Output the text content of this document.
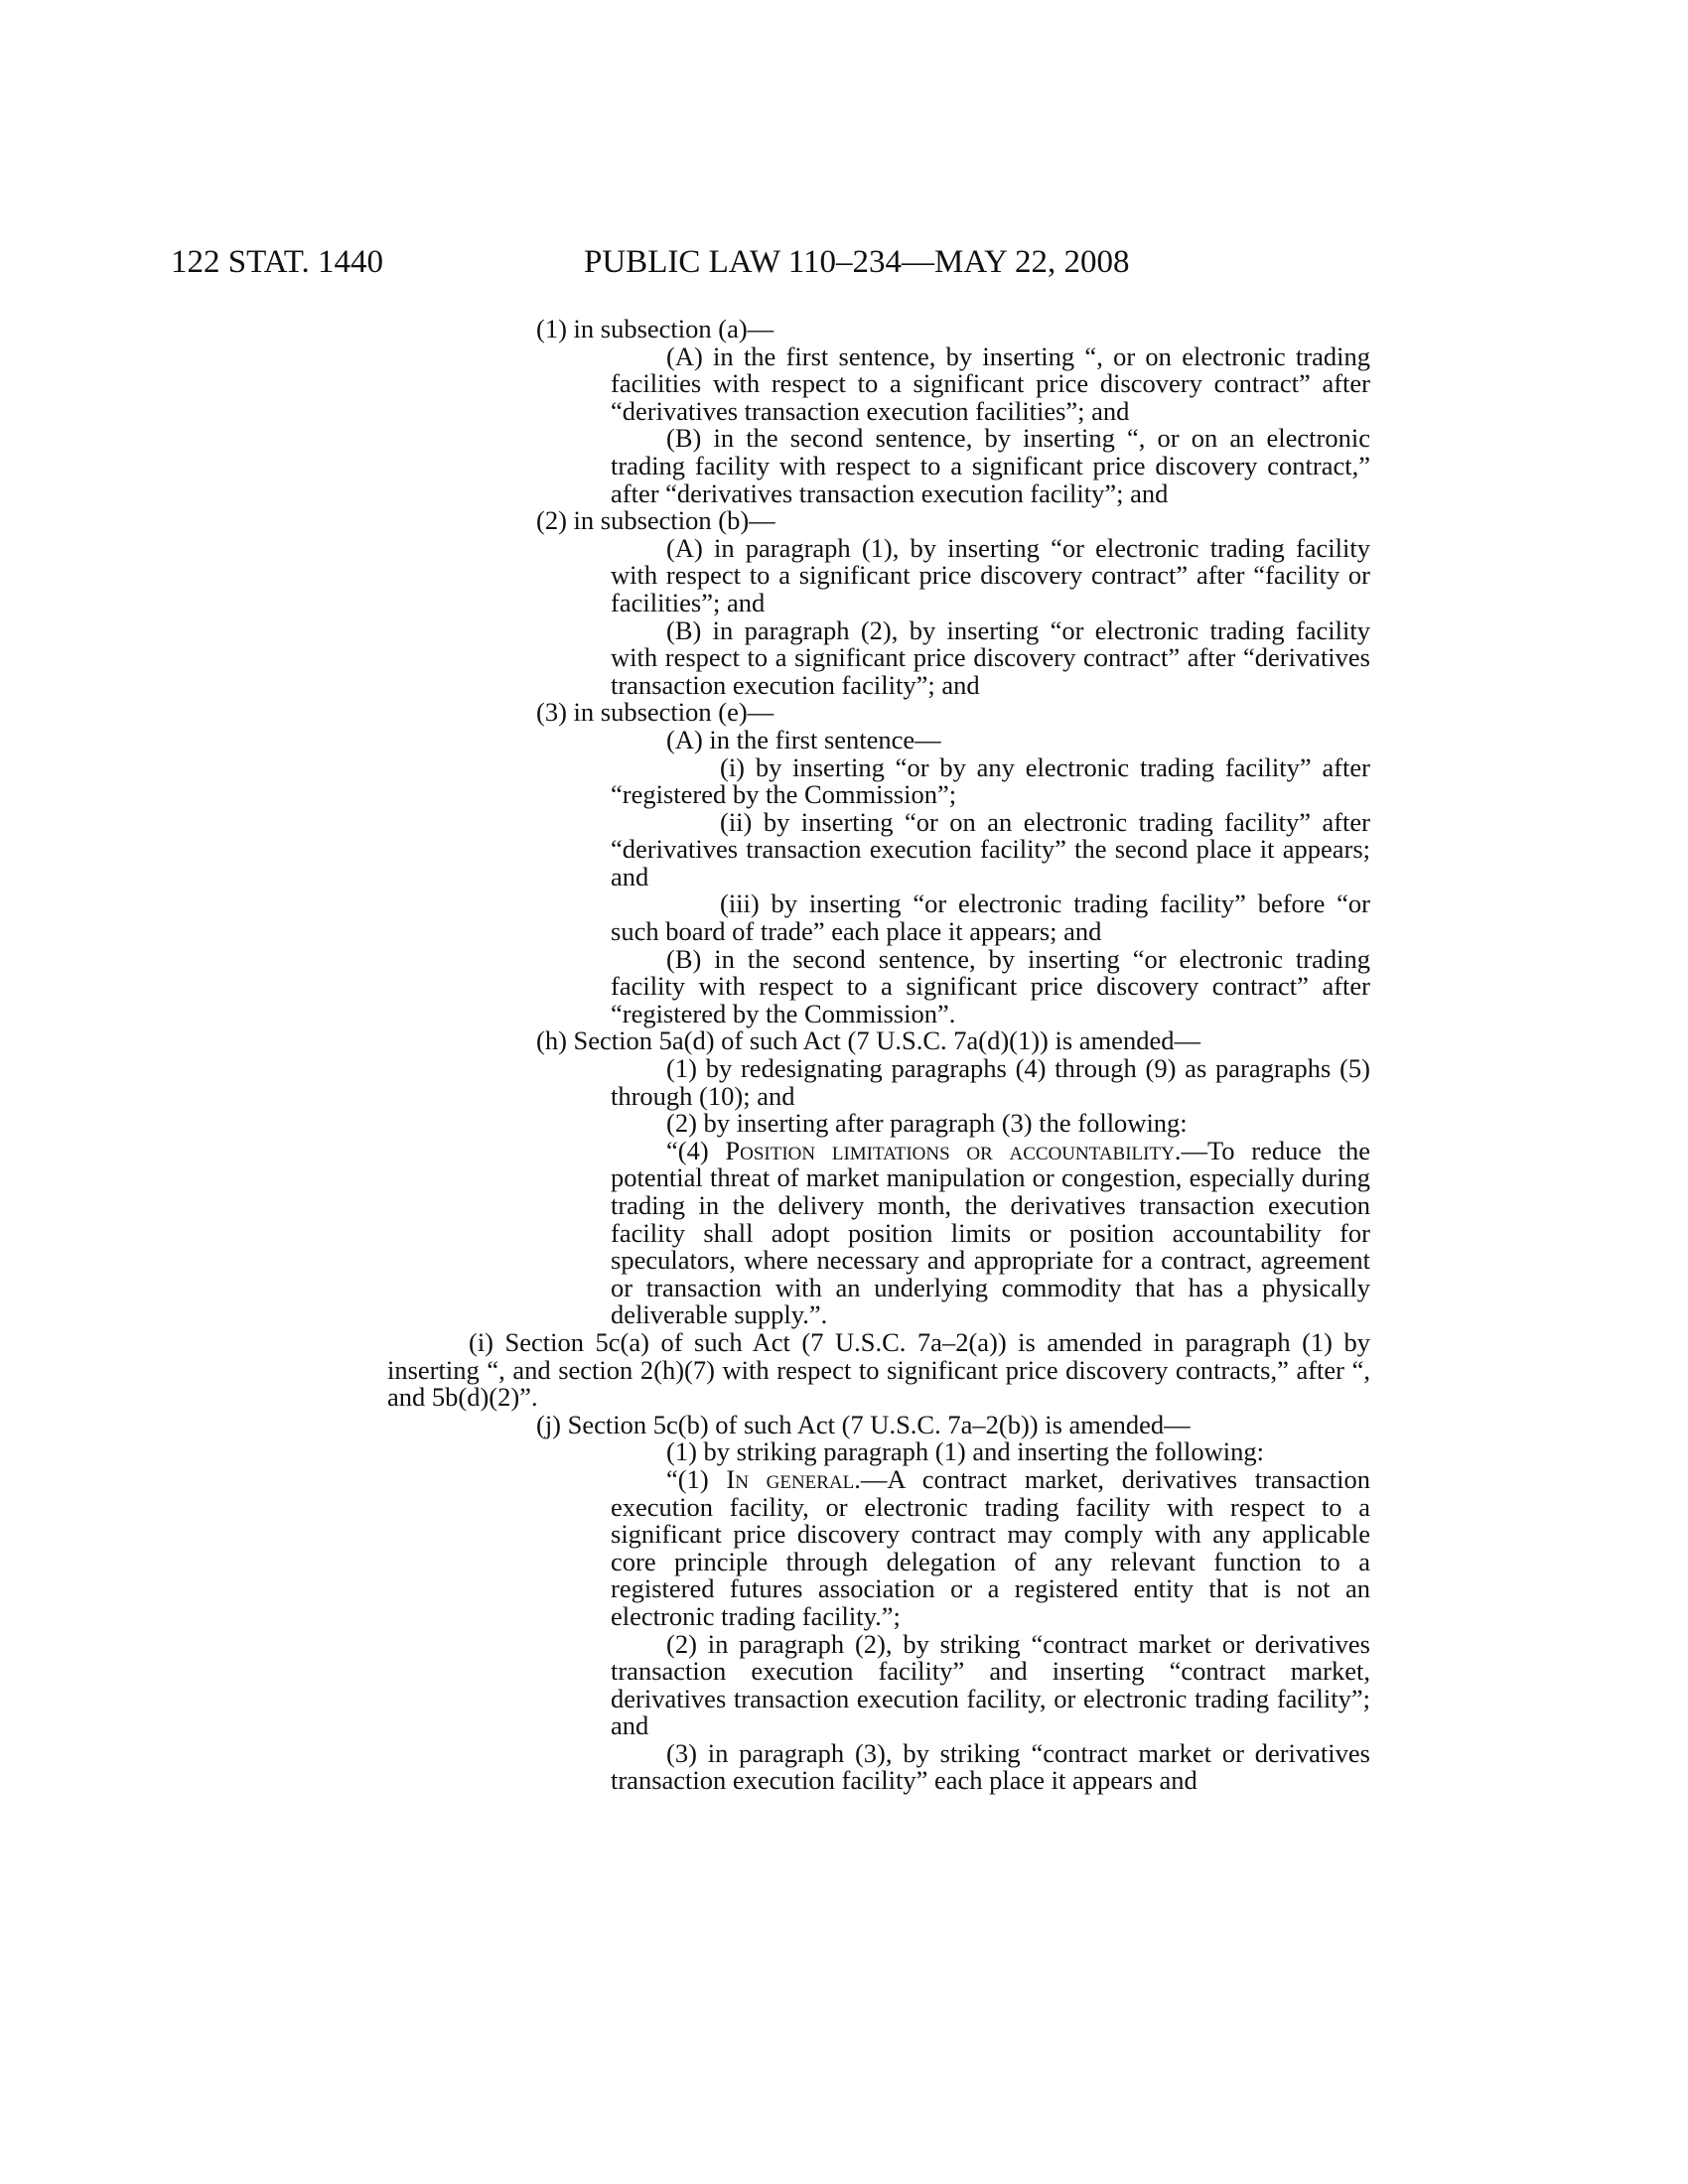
122 STAT. 1440	PUBLIC LAW 110–234—MAY 22, 2008

(1) in subsection (a)—

(A) in the first sentence, by inserting “, or on electronic trading facilities with respect to a significant price discovery contract” after “derivatives transaction execution facilities”; and

(B) in the second sentence, by inserting “, or on an electronic trading facility with respect to a significant price discovery contract,” after “derivatives transaction execution facility”; and

(2) in subsection (b)—

(A) in paragraph (1), by inserting “or electronic trading facility with respect to a significant price discovery contract” after “facility or facilities”; and

(B) in paragraph (2), by inserting “or electronic trading facility with respect to a significant price discovery contract” after “derivatives transaction execution facility”; and

(3) in subsection (e)—

(A) in the first sentence—

(i) by inserting “or by any electronic trading facility” after “registered by the Commission”;

(ii) by inserting “or on an electronic trading facility” after “derivatives transaction execution facility” the second place it appears; and

(iii) by inserting “or electronic trading facility” before “or such board of trade” each place it appears; and

(B) in the second sentence, by inserting “or electronic trading facility with respect to a significant price discovery contract” after “registered by the Commission”.

(h) Section 5a(d) of such Act (7 U.S.C. 7a(d)(1)) is amended—

(1) by redesignating paragraphs (4) through (9) as paragraphs (5) through (10); and

(2) by inserting after paragraph (3) the following:

“(4) Position limitations or accountability.—To reduce the potential threat of market manipulation or congestion, especially during trading in the delivery month, the derivatives transaction execution facility shall adopt position limits or position accountability for speculators, where necessary and appropriate for a contract, agreement or transaction with an underlying commodity that has a physically deliverable supply.”.

(i) Section 5c(a) of such Act (7 U.S.C. 7a–2(a)) is amended in paragraph (1) by inserting “, and section 2(h)(7) with respect to significant price discovery contracts,” after “, and 5b(d)(2)”.

(j) Section 5c(b) of such Act (7 U.S.C. 7a–2(b)) is amended—

(1) by striking paragraph (1) and inserting the following:

“(1) In general.—A contract market, derivatives transaction execution facility, or electronic trading facility with respect to a significant price discovery contract may comply with any applicable core principle through delegation of any relevant function to a registered futures association or a registered entity that is not an electronic trading facility.”;

(2) in paragraph (2), by striking “contract market or derivatives transaction execution facility” and inserting “contract market, derivatives transaction execution facility, or electronic trading facility”; and

(3) in paragraph (3), by striking “contract market or derivatives transaction execution facility” each place it appears and
